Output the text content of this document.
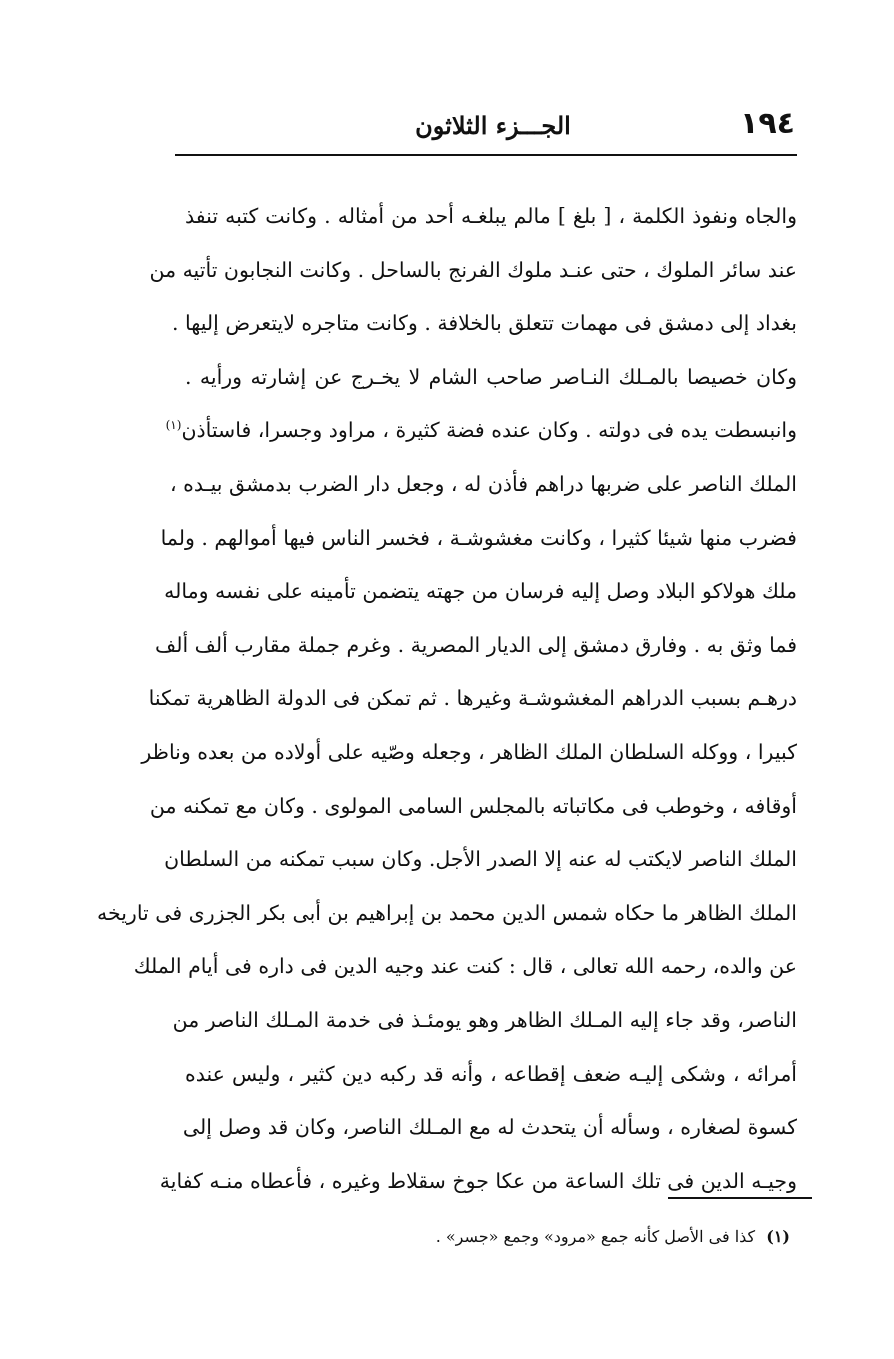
١٩٤
الجـــزء الثلاثون
والجاه ونفوذ الكلمة ، [ بلغ ] مالم يبلغـه أحد من أمثاله . وكانت كتبه تنفذ
عند سائر الملوك ، حتى عنـد ملوك الفرنج بالساحل . وكانت النجابون تأتيه من
بغداد إلى دمشق فى مهمات تتعلق بالخلافة . وكانت متاجره لايتعرض إليها .
وكان خصيصا بالمـلك النـاصر صاحب الشام لا يخـرج عن إشارته ورأيه .
وانبسطت يده فى دولته . وكان عنده فضة كثيرة ، مراود وجسرا، فاستأذن$^{(١)}$
الملك الناصر على ضربها دراهم فأذن له ، وجعل دار الضرب بدمشق بيـده ،
فضرب منها شيئا كثيرا ، وكانت مغشوشـة ، فخسر الناس فيها أموالهم . ولما
ملك هولاكو البلاد وصل إليه فرسان من جهته يتضمن تأمينه على نفسه وماله
فما وثق به . وفارق دمشق إلى الديار المصرية . وغرم جملة مقارب ألف ألف
درهـم بسبب الدراهم المغشوشـة وغيرها . ثم تمكن فى الدولة الظاهرية تمكنا
كبيرا ، ووكله السلطان الملك الظاهر ، وجعله وصّيه على أولاده من بعده وناظر
أوقافه ، وخوطب فى مكاتباته بالمجلس السامى المولوى . وكان مع تمكنه من
الملك الناصر لايكتب له عنه إلا الصدر الأجل. وكان سبب تمكنه من السلطان
الملك الظاهر ما حكاه شمس الدين محمد بن إبراهيم بن أبى بكر الجزرى فى تاريخه
عن والده، رحمه الله تعالى ، قال : كنت عند وجيه الدين فى داره فى أيام الملك
الناصر، وقد جاء إليه المـلك الظاهر وهو يومئـذ فى خدمة المـلك الناصر من
أمرائه ، وشكى إليـه ضعف إقطاعه ، وأنه قد ركبه دين كثير ، وليس عنده
كسوة لصغاره ، وسأله أن يتحدث له مع المـلك الناصر، وكان قد وصل إلى
وجيـه الدين فى تلك الساعة من عكا جوخ سقلاط وغيره ، فأعطاه منـه كفاية
(١) كذا فى الأصل كأنه جمع «مرود» وجمع «جسر» .
